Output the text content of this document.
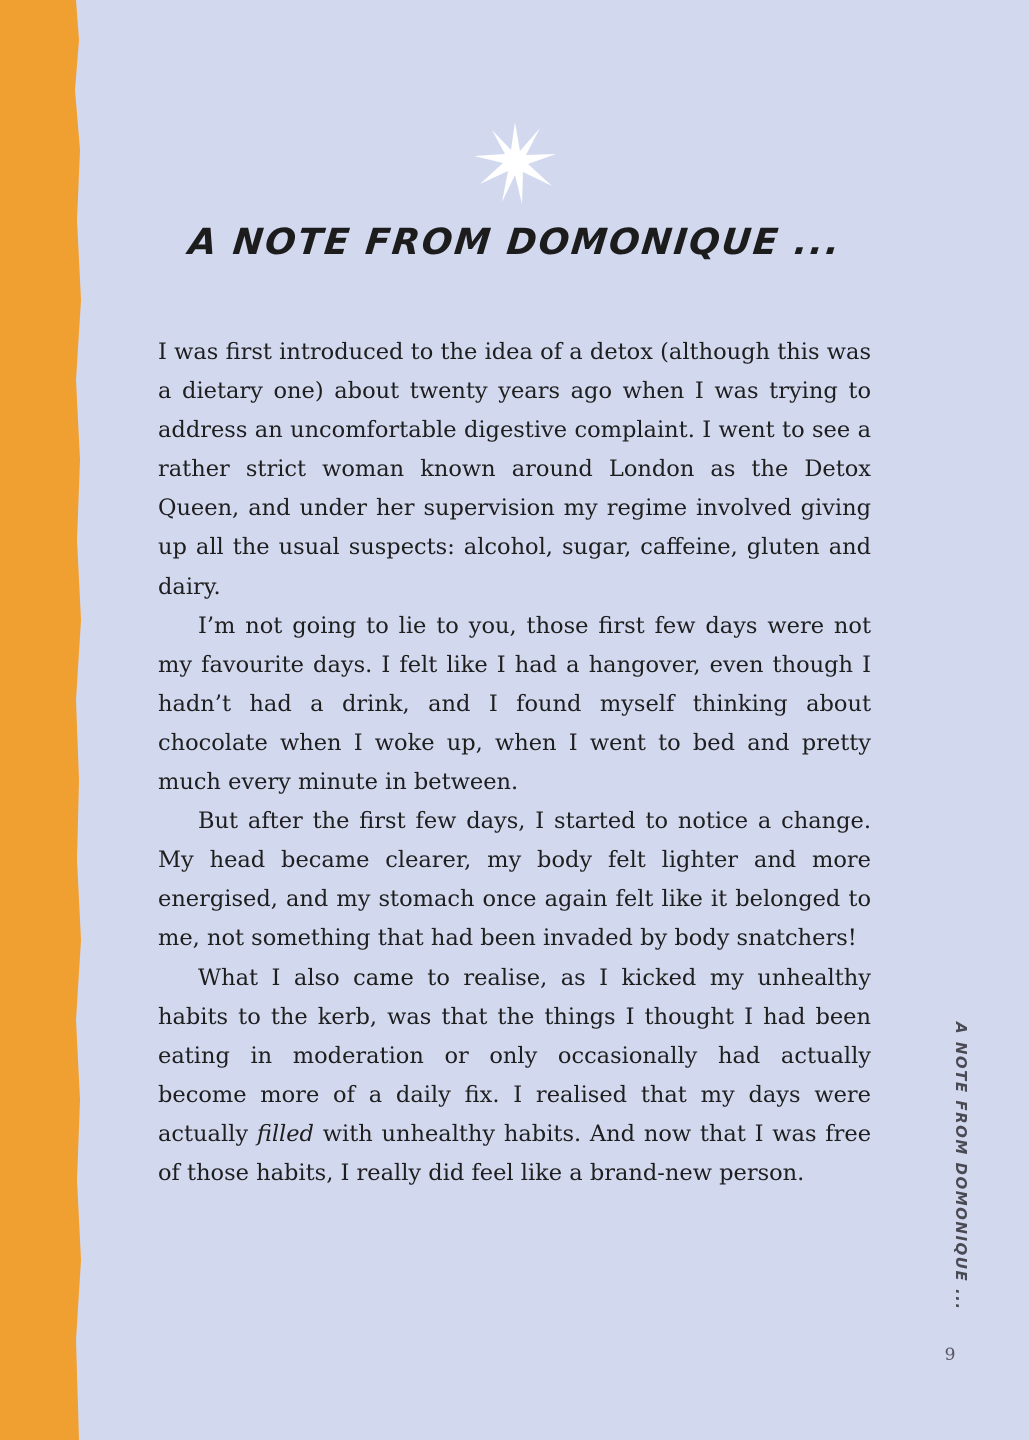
A NOTE FROM DOMONIQUE ...

I was first introduced to the idea of a detox (although this was a dietary one) about twenty years ago when I was trying to address an uncomfortable digestive complaint. I went to see a rather strict woman known around London as the Detox Queen, and under her supervision my regime involved giving up all the usual suspects: alcohol, sugar, caffeine, gluten and dairy.

I’m not going to lie to you, those first few days were not my favourite days. I felt like I had a hangover, even though I hadn’t had a drink, and I found myself thinking about chocolate when I woke up, when I went to bed and pretty much every minute in between.

But after the first few days, I started to notice a change. My head became clearer, my body felt lighter and more energised, and my stomach once again felt like it belonged to me, not something that had been invaded by body snatchers!

What I also came to realise, as I kicked my unhealthy habits to the kerb, was that the things I thought I had been eating in moderation or only occasionally had actually become more of a daily fix. I realised that my days were actually filled with unhealthy habits. And now that I was free of those habits, I really did feel like a brand-new person.	A NOTE FROM DOMONIQUE ...
9
